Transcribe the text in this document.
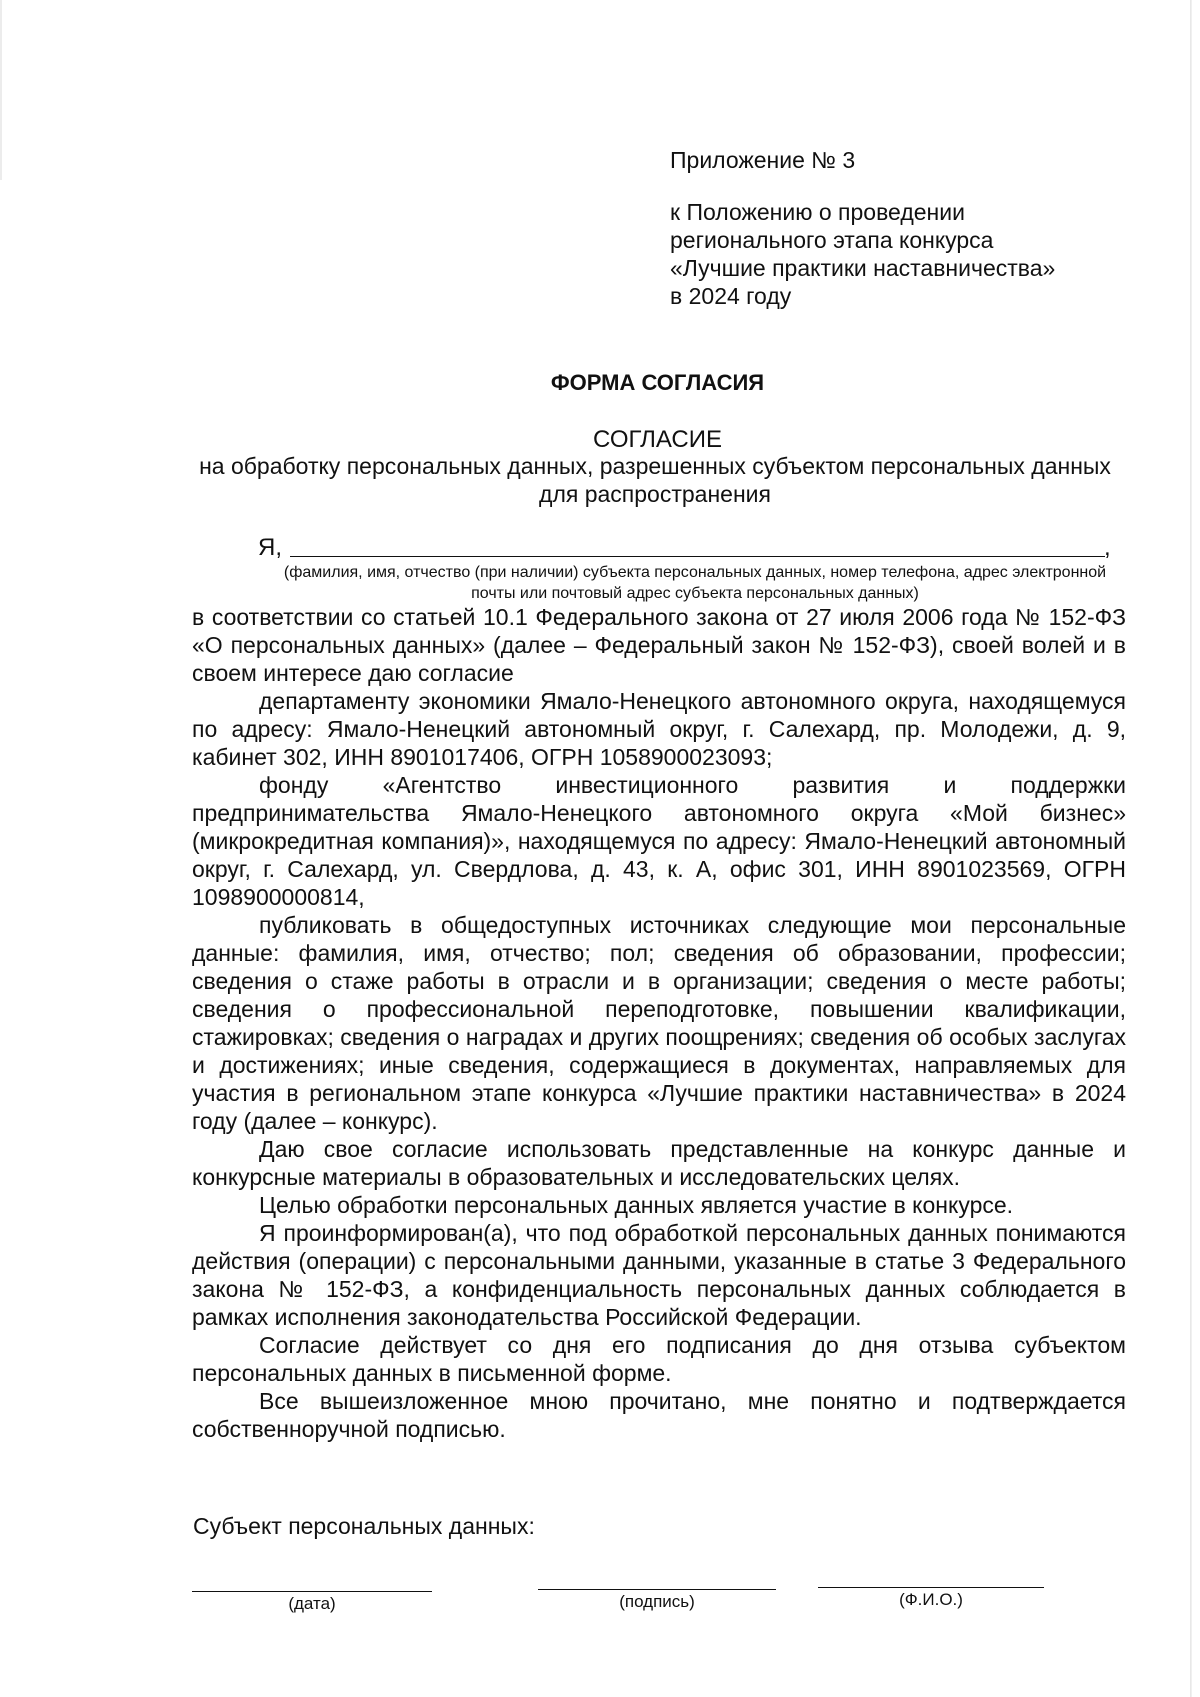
Приложение № 3
к Положению о проведении
регионального этапа конкурса
«Лучшие практики наставничества»
в 2024 году
ФОРМА СОГЛАСИЯ
СОГЛАСИЕ
на обработку персональных данных, разрешенных субъектом персональных данных для распространения
Я,	,
(фамилия, имя, отчество (при наличии) субъекта персональных данных, номер телефона, адрес электронной почты или почтовый адрес субъекта персональных данных)

в соответствии со статьей 10.1 Федерального закона от 27 июля 2006 года № 152-ФЗ «О персональных данных» (далее – Федеральный закон № 152-ФЗ), своей волей и в своем интересе даю согласие

департаменту экономики Ямало-Ненецкого автономного округа, находящемуся по адресу: Ямало-Ненецкий автономный округ, г. Салехард, пр. Молодежи, д. 9, кабинет 302, ИНН 8901017406, ОГРН 1058900023093;

фонду «Агентство инвестиционного развития и поддержки предпринимательства Ямало-Ненецкого автономного округа «Мой бизнес» (микрокредитная компания)», находящемуся по адресу: Ямало-Ненецкий автономный округ, г. Салехард, ул. Свердлова, д. 43, к. А, офис 301, ИНН 8901023569, ОГРН 1098900000814,

публиковать в общедоступных источниках следующие мои персональные данные: фамилия, имя, отчество; пол; сведения об образовании, профессии; сведения о стаже работы в отрасли и в организации; сведения о месте работы; сведения о профессиональной переподготовке, повышении квалификации, стажировках; сведения о наградах и других поощрениях; сведения об особых заслугах и достижениях; иные сведения, содержащиеся в документах, направляемых для участия в региональном этапе конкурса «Лучшие практики наставничества» в 2024 году (далее – конкурс).

Даю свое согласие использовать представленные на конкурс данные и конкурсные материалы в образовательных и исследовательских целях.

Целью обработки персональных данных является участие в конкурсе.

Я проинформирован(а), что под обработкой персональных данных понимаются действия (операции) с персональными данными, указанные в статье 3 Федерального закона № 152-ФЗ, а конфиденциальность персональных данных соблюдается в рамках исполнения законодательства Российской Федерации.

Согласие действует со дня его подписания до дня отзыва субъектом персональных данных в письменной форме.

Все вышеизложенное мною прочитано, мне понятно и подтверждается собственноручной подписью.

Субъект персональных данных:
(дата)	(подпись)	(Ф.И.О.)
